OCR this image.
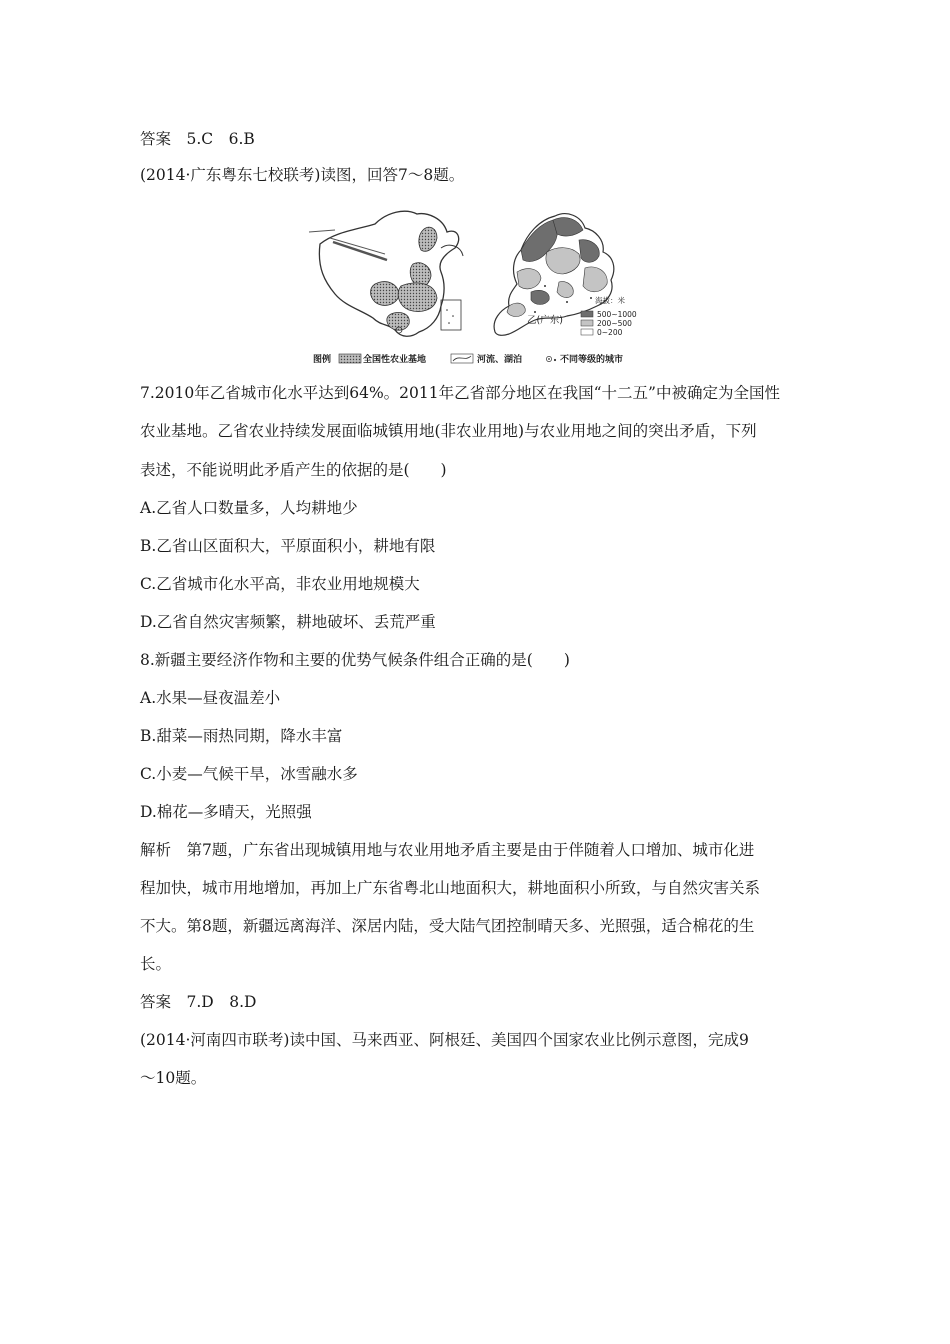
答案　5.C　6.B
(2014·广东粤东七校联考)读图，回答7～8题。
乙(广东)
海拔：米
500~1000
200~500
0~200
图例	全国性农业基地	河流、湖泊	不同等级的城市
7.2010年乙省城市化水平达到64%。2011年乙省部分地区在我国“十二五”中被确定为全国性
农业基地。乙省农业持续发展面临城镇用地(非农业用地)与农业用地之间的突出矛盾，下列
表述，不能说明此矛盾产生的依据的是(　　)
A.乙省人口数量多，人均耕地少
B.乙省山区面积大，平原面积小，耕地有限
C.乙省城市化水平高，非农业用地规模大
D.乙省自然灾害频繁，耕地破坏、丢荒严重
8.新疆主要经济作物和主要的优势气候条件组合正确的是(　　)
A.水果—昼夜温差小
B.甜菜—雨热同期，降水丰富
C.小麦—气候干旱，冰雪融水多
D.棉花—多晴天，光照强
解析　第7题，广东省出现城镇用地与农业用地矛盾主要是由于伴随着人口增加、城市化进
程加快，城市用地增加，再加上广东省粤北山地面积大，耕地面积小所致，与自然灾害关系
不大。第8题，新疆远离海洋、深居内陆，受大陆气团控制晴天多、光照强，适合棉花的生
长。
答案　7.D　8.D
(2014·河南四市联考)读中国、马来西亚、阿根廷、美国四个国家农业比例示意图，完成9
～10题。
